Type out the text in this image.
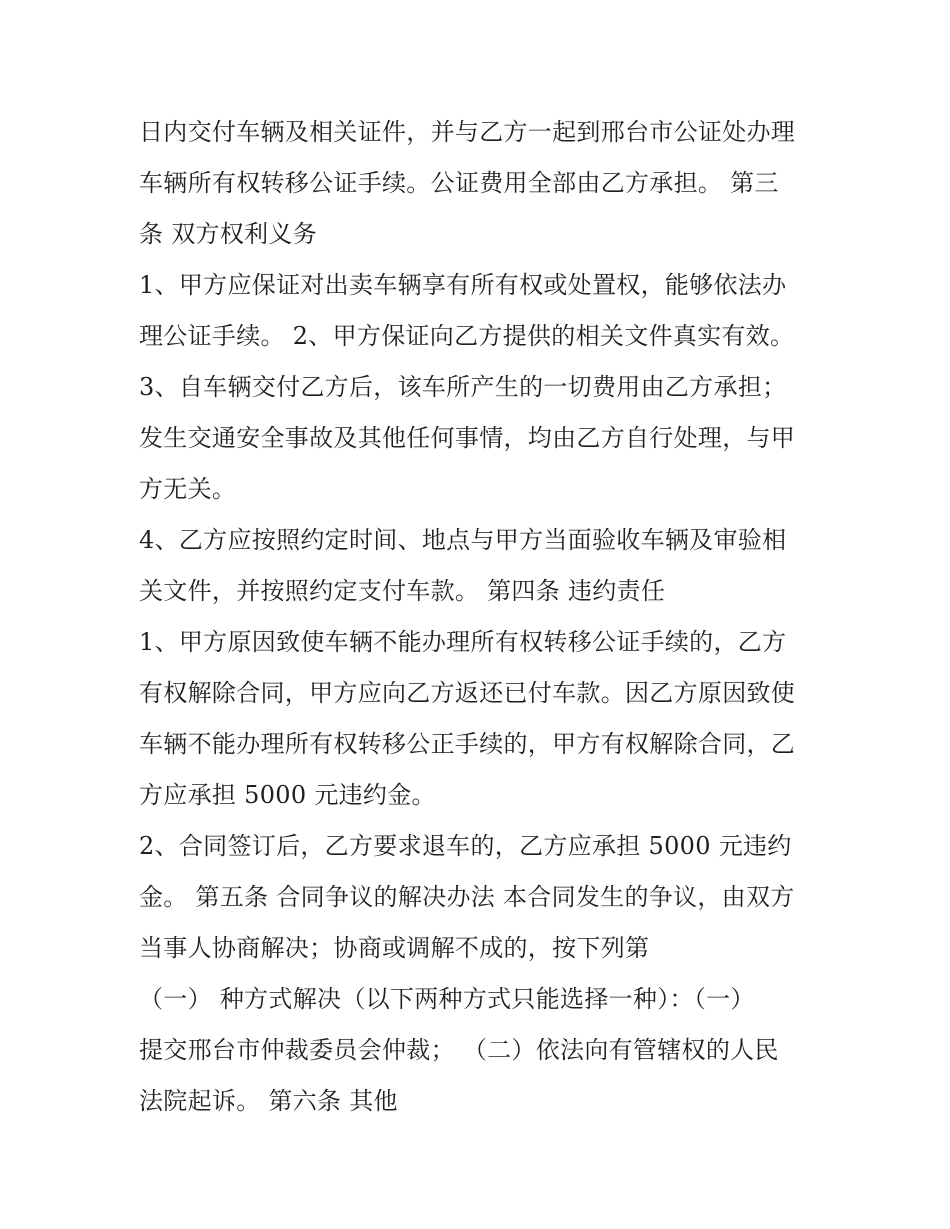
日内交付车辆及相关证件，并与乙方一起到邢台市公证处办理
车辆所有权转移公证手续。公证费用全部由乙方承担。 第三
条 双方权利义务
1、甲方应保证对出卖车辆享有所有权或处置权，能够依法办
理公证手续。 2、甲方保证向乙方提供的相关文件真实有效。
3、自车辆交付乙方后，该车所产生的一切费用由乙方承担；
发生交通安全事故及其他任何事情，均由乙方自行处理，与甲
方无关。
4、乙方应按照约定时间、地点与甲方当面验收车辆及审验相
关文件，并按照约定支付车款。 第四条 违约责任
1、甲方原因致使车辆不能办理所有权转移公证手续的，乙方
有权解除合同，甲方应向乙方返还已付车款。因乙方原因致使
车辆不能办理所有权转移公正手续的，甲方有权解除合同，乙
方应承担 5000 元违约金。
2、合同签订后，乙方要求退车的，乙方应承担 5000 元违约
金。 第五条 合同争议的解决办法 本合同发生的争议，由双方
当事人协商解决；协商或调解不成的，按下列第
（一） 种方式解决（以下两种方式只能选择一种）：（一）
提交邢台市仲裁委员会仲裁； （二）依法向有管辖权的人民
法院起诉。 第六条 其他
